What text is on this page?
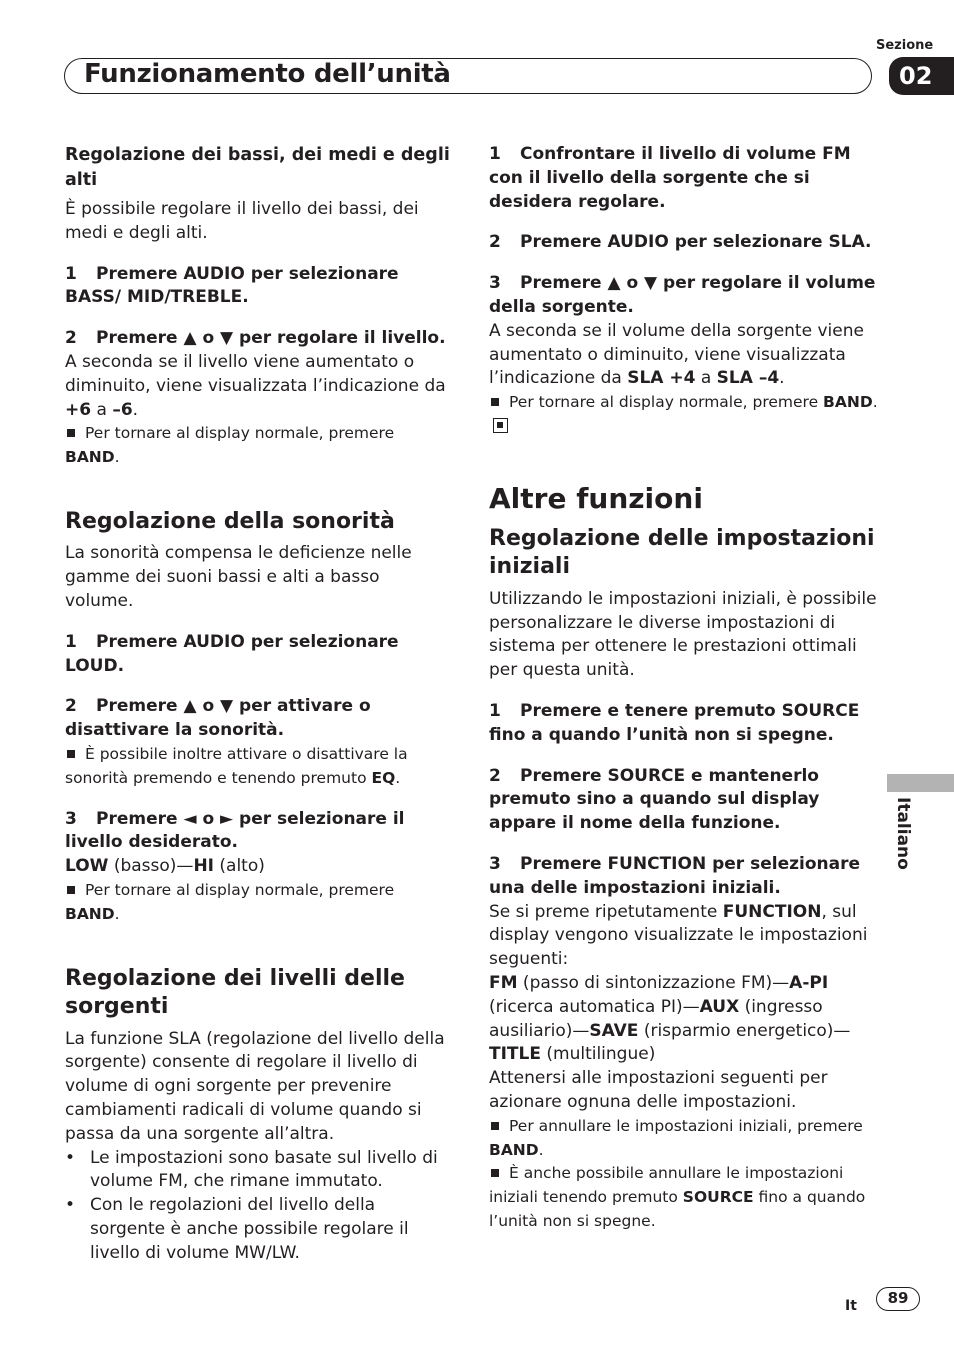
Sezione
Funzionamento dell’unità	02
Italiano

Regolazione dei bassi, dei medi e degli alti

È possibile regolare il livello dei bassi, dei medi e degli alti.

1 Premere AUDIO per selezionare BASS/ MID/TREBLE.

2 Premere ▲ o ▼ per regolare il livello.

A seconda se il livello viene aumentato o diminuito, viene visualizzata l’indicazione da +6 a –6.

Per tornare al display normale, premere BAND.

Regolazione della sonorità

La sonorità compensa le deficienze nelle gamme dei suoni bassi e alti a basso volume.

1 Premere AUDIO per selezionare LOUD.

2 Premere ▲ o ▼ per attivare o disattivare la sonorità.

È possibile inoltre attivare o disattivare la sonorità premendo e tenendo premuto EQ.

3 Premere ◄ o ► per selezionare il livello desiderato.

LOW (basso)—HI (alto)

Per tornare al display normale, premere BAND.

Regolazione dei livelli delle sorgenti

La funzione SLA (regolazione del livello della sorgente) consente di regolare il livello di volume di ogni sorgente per prevenire cambiamenti radicali di volume quando si passa da una sorgente all’altra.

• Le impostazioni sono basate sul livello di volume FM, che rimane immutato.

• Con le regolazioni del livello della sorgente è anche possibile regolare il livello di volume MW/LW.

1 Confrontare il livello di volume FM con il livello della sorgente che si desidera regolare.

2 Premere AUDIO per selezionare SLA.

3 Premere ▲ o ▼ per regolare il volume della sorgente.

A seconda se il volume della sorgente viene aumentato o diminuito, viene visualizzata l’indicazione da SLA +4 a SLA –4.

Per tornare al display normale, premere BAND.

Altre funzioni

Regolazione delle impostazioni iniziali

Utilizzando le impostazioni iniziali, è possibile personalizzare le diverse impostazioni di sistema per ottenere le prestazioni ottimali per questa unità.

1 Premere e tenere premuto SOURCE fino a quando l’unità non si spegne.

2 Premere SOURCE e mantenerlo premuto sino a quando sul display appare il nome della funzione.

3 Premere FUNCTION per selezionare una delle impostazioni iniziali.

Se si preme ripetutamente FUNCTION, sul display vengono visualizzate le impostazioni seguenti:

FM (passo di sintonizzazione FM)—A-PI (ricerca automatica PI)—AUX (ingresso ausiliario)—SAVE (risparmio energetico)—TITLE (multilingue)

Attenersi alle impostazioni seguenti per azionare ognuna delle impostazioni.

Per annullare le impostazioni iniziali, premere BAND.

È anche possibile annullare le impostazioni iniziali tenendo premuto SOURCE fino a quando l’unità non si spegne.

It	89
